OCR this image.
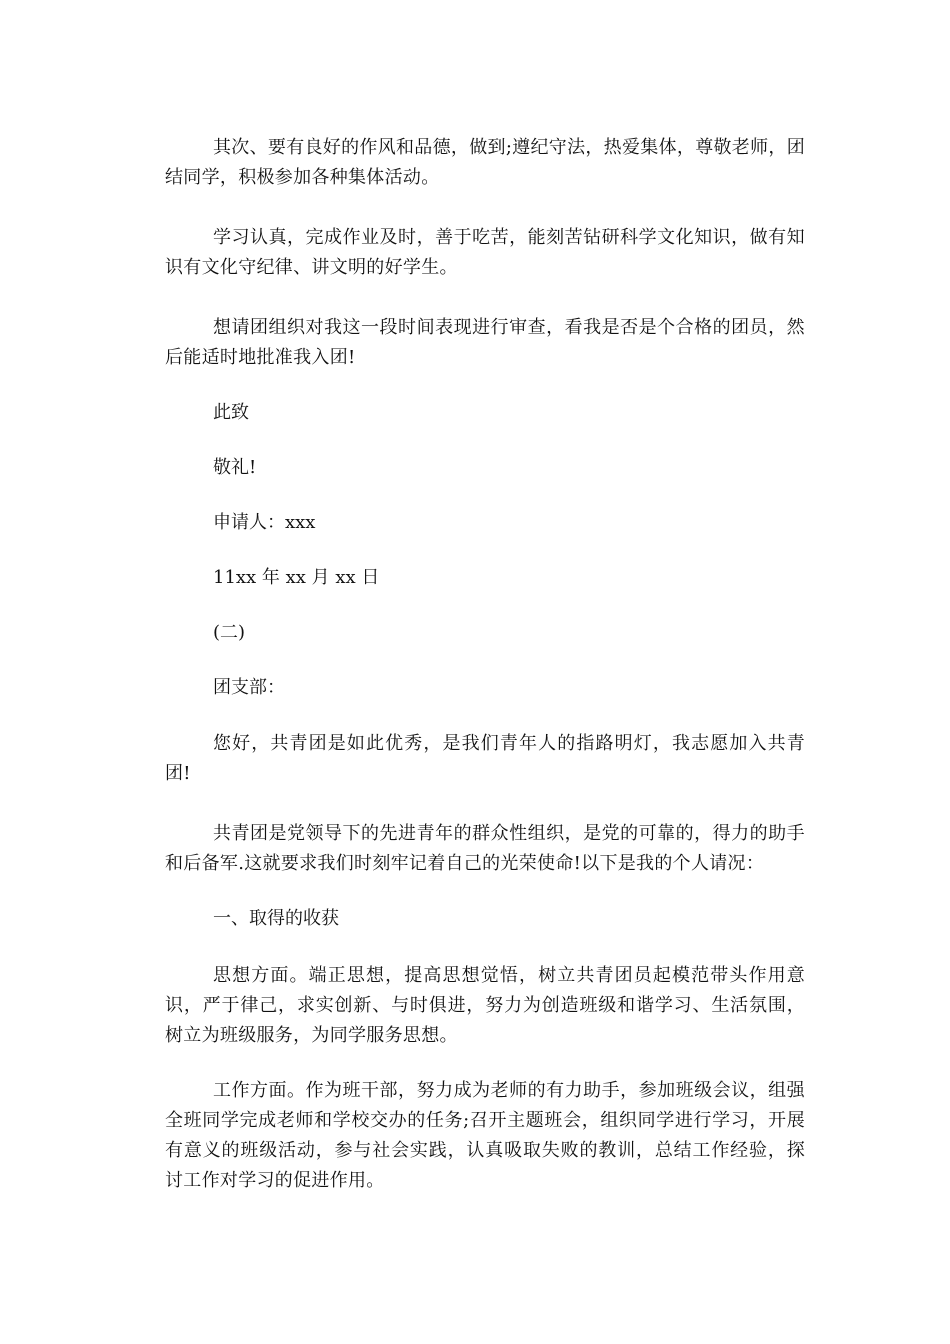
其次、要有良好的作风和品德，做到;遵纪守法，热爱集体，尊敬老师，团结同学，积极参加各种集体活动。

学习认真，完成作业及时，善于吃苦，能刻苦钻研科学文化知识，做有知识有文化守纪律、讲文明的好学生。

想请团组织对我这一段时间表现进行审查，看我是否是个合格的团员，然后能适时地批准我入团!

此致

敬礼!

申请人：xxx

11xx 年 xx 月 xx 日

(二)

团支部：

您好，共青团是如此优秀，是我们青年人的指路明灯，我志愿加入共青团!

共青团是党领导下的先进青年的群众性组织，是党的可靠的，得力的助手和后备军.这就要求我们时刻牢记着自己的光荣使命!以下是我的个人请况：

一、取得的收获

思想方面。端正思想，提高思想觉悟，树立共青团员起模范带头作用意识，严于律己，求实创新、与时俱进，努力为创造班级和谐学习、生活氛围，树立为班级服务，为同学服务思想。

工作方面。作为班干部，努力成为老师的有力助手，参加班级会议，组强全班同学完成老师和学校交办的任务;召开主题班会，组织同学进行学习，开展有意义的班级活动，参与社会实践，认真吸取失败的教训，总结工作经验，探讨工作对学习的促进作用。
